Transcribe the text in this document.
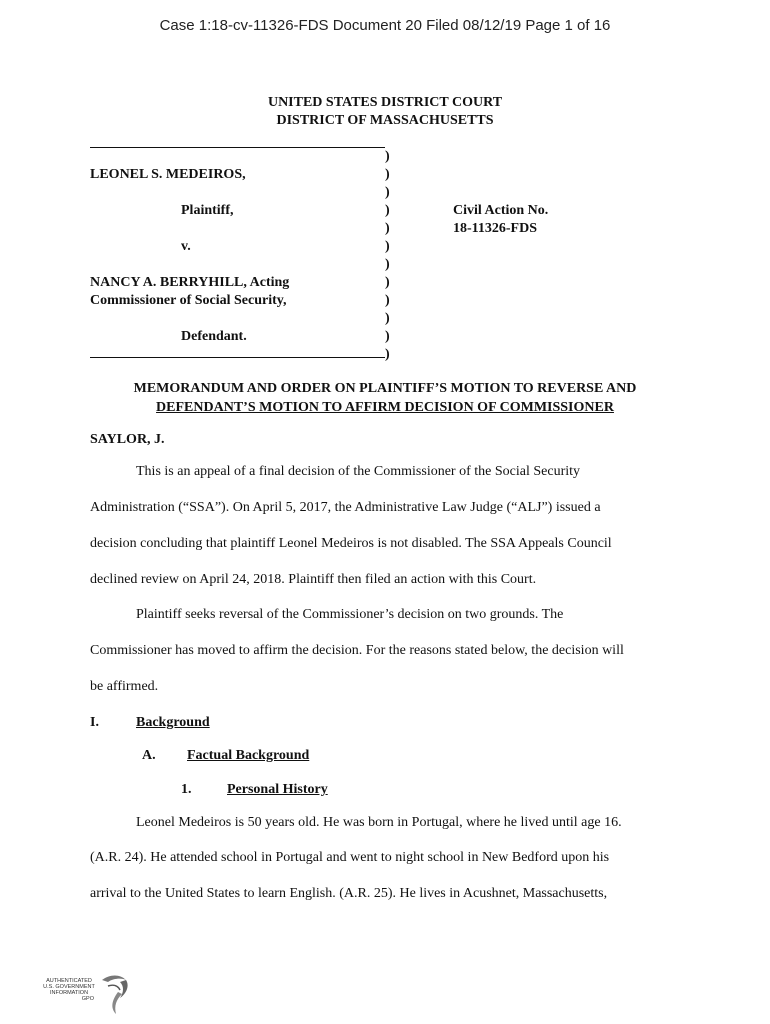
Case 1:18-cv-11326-FDS Document 20 Filed 08/12/19 Page 1 of 16
UNITED STATES DISTRICT COURT
DISTRICT OF MASSACHUSETTS
)
)
)
)
)
)
)
)
)
)
)
)
LEONEL S. MEDEIROS,
Plaintiff,
v.
NANCY A. BERRYHILL, Acting
Commissioner of Social Security,
Defendant.
Civil Action No.
18-11326-FDS
MEMORANDUM AND ORDER ON PLAINTIFF’S MOTION TO REVERSE AND
DEFENDANT’S MOTION TO AFFIRM DECISION OF COMMISSIONER
SAYLOR, J.
This is an appeal of a final decision of the Commissioner of the Social Security
Administration (“SSA”). On April 5, 2017, the Administrative Law Judge (“ALJ”) issued a
decision concluding that plaintiff Leonel Medeiros is not disabled. The SSA Appeals Council
declined review on April 24, 2018. Plaintiff then filed an action with this Court.
Plaintiff seeks reversal of the Commissioner’s decision on two grounds. The
Commissioner has moved to affirm the decision. For the reasons stated below, the decision will
be affirmed.
I.	Background
A. Factual Background
1.	Personal History
Leonel Medeiros is 50 years old. He was born in Portugal, where he lived until age 16.
(A.R. 24). He attended school in Portugal and went to night school in New Bedford upon his
arrival to the United States to learn English. (A.R. 25). He lives in Acushnet, Massachusetts,
AUTHENTICATED
U.S. GOVERNMENT
INFORMATION
GPO
